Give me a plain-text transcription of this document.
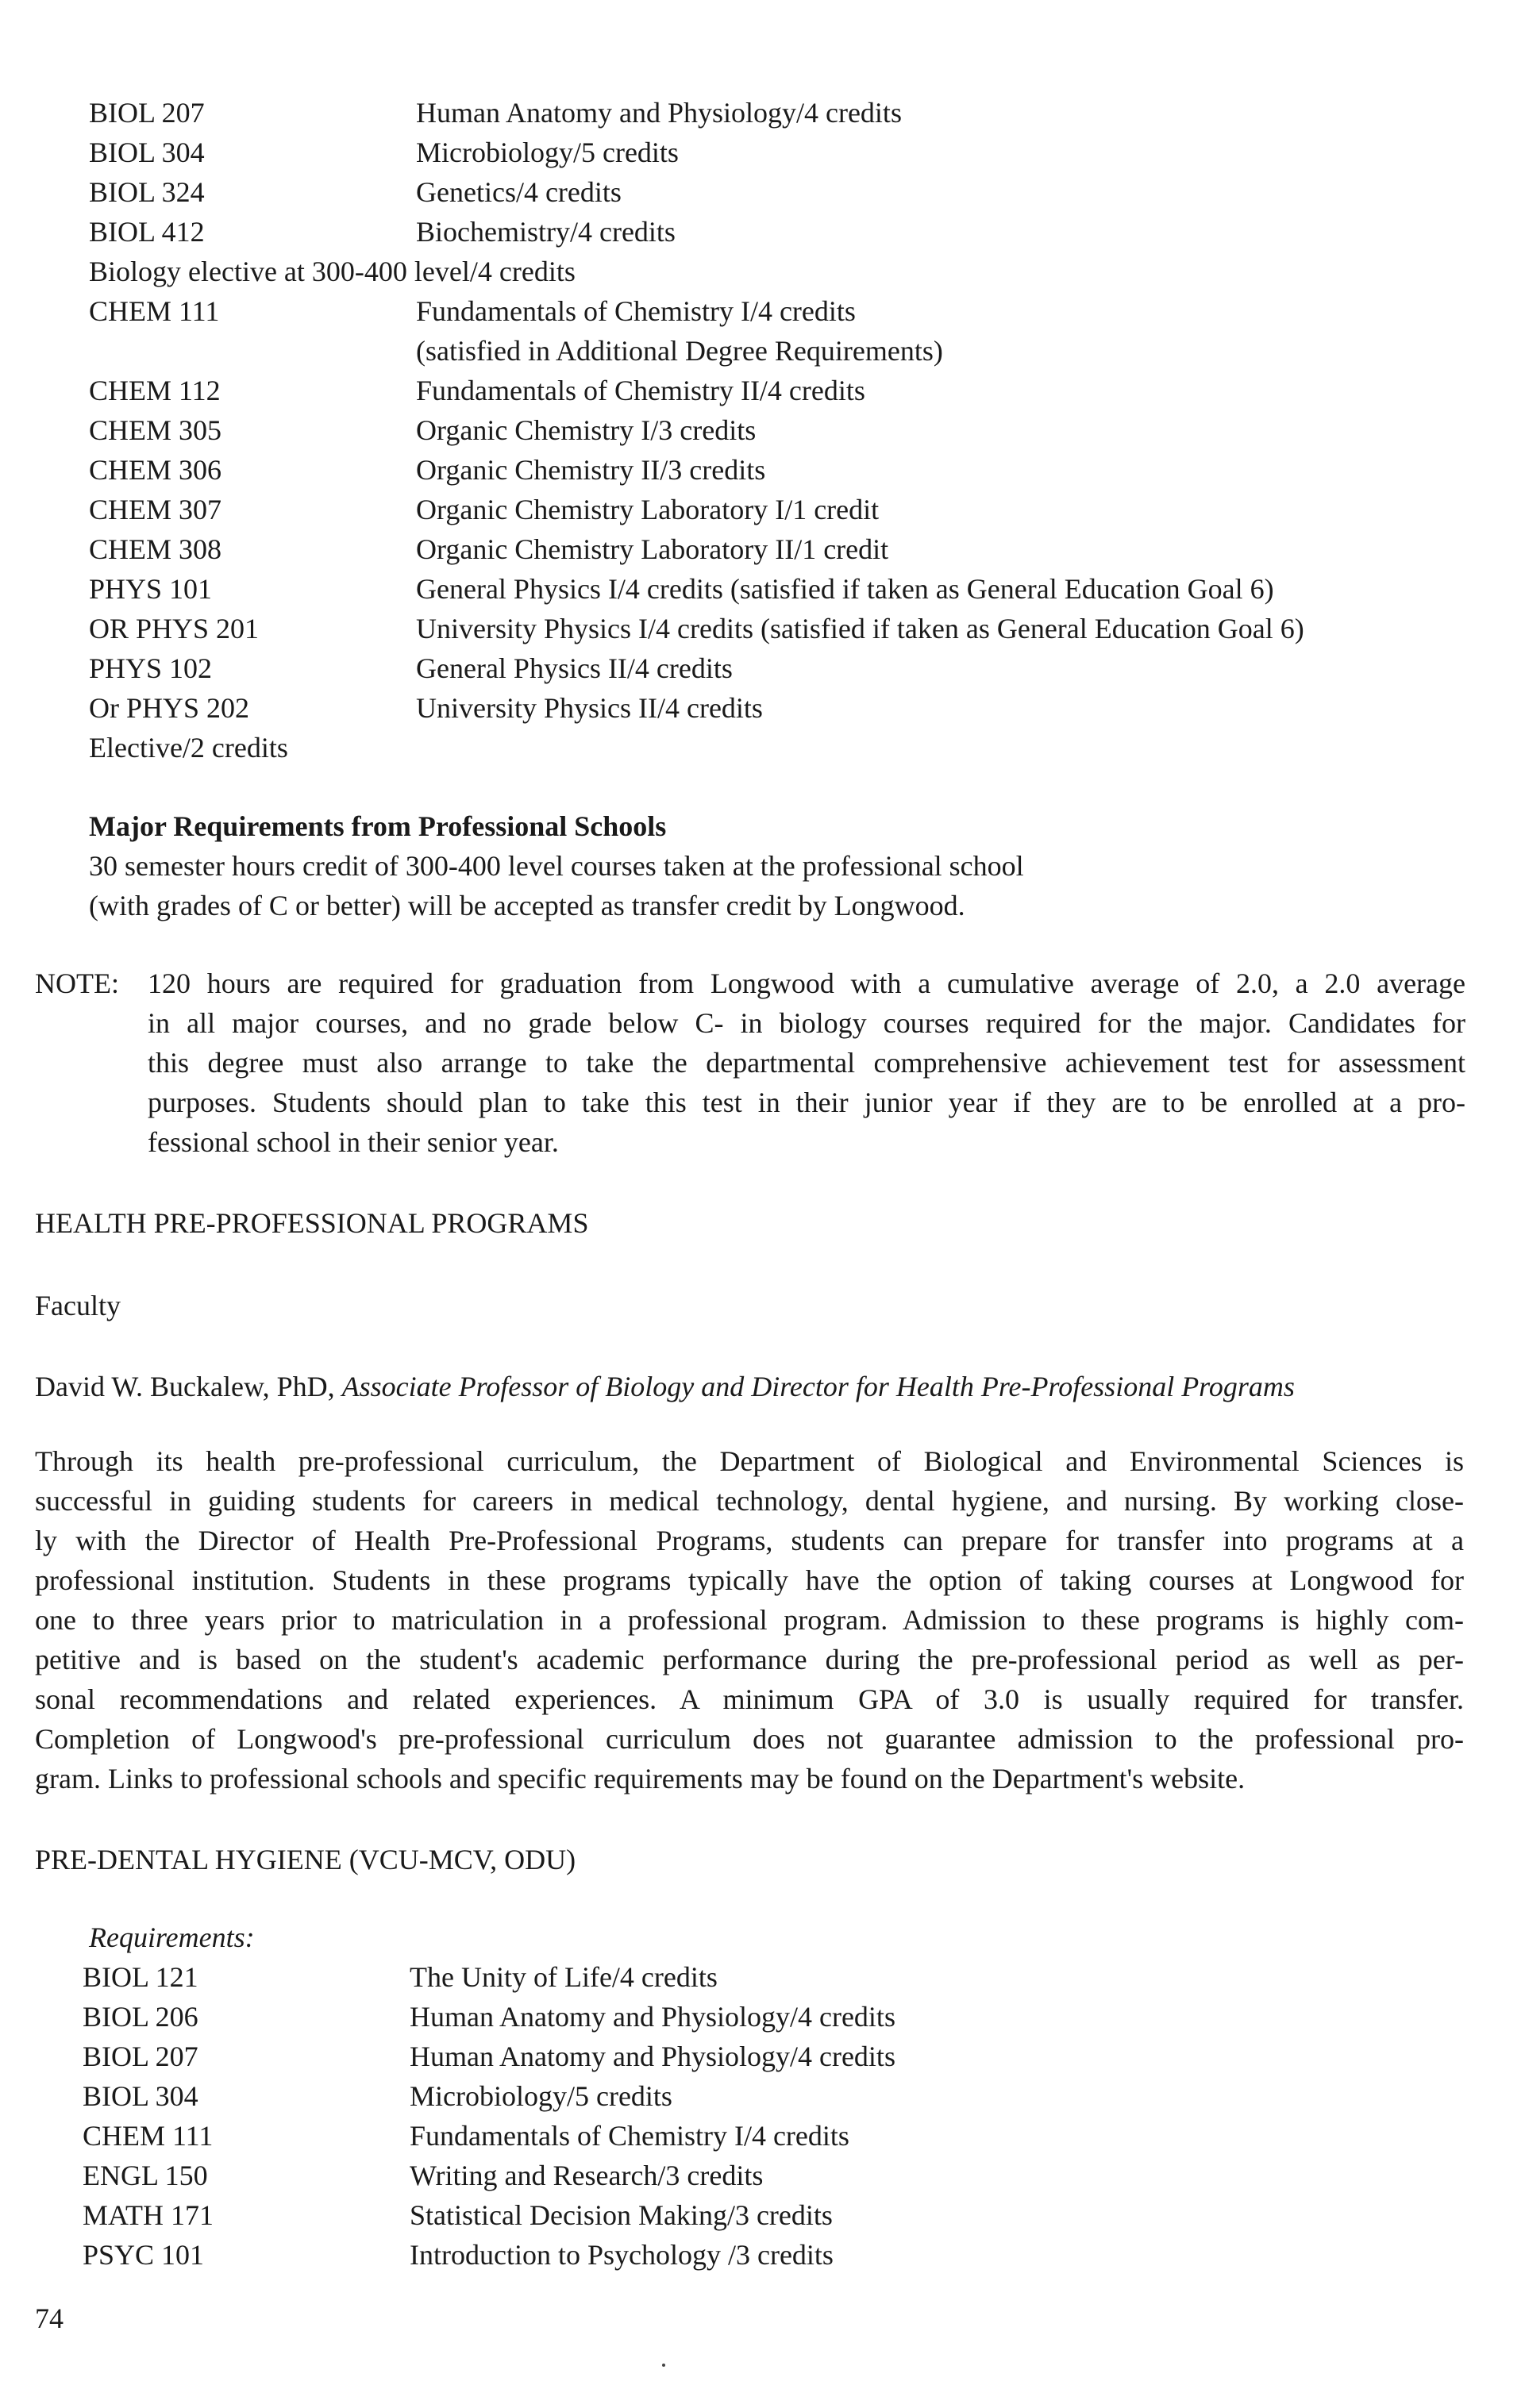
BIOL 207	Human Anatomy and Physiology/4 credits
BIOL 304	Microbiology/5 credits
BIOL 324	Genetics/4 credits
BIOL 412	Biochemistry/4 credits
Biology elective at 300-400 level/4 credits
CHEM 111	Fundamentals of Chemistry I/4 credits
(satisfied in Additional Degree Requirements)
CHEM 112	Fundamentals of Chemistry II/4 credits
CHEM 305	Organic Chemistry I/3 credits
CHEM 306	Organic Chemistry II/3 credits
CHEM 307	Organic Chemistry Laboratory I/1 credit
CHEM 308	Organic Chemistry Laboratory II/1 credit
PHYS 101	General Physics I/4 credits (satisfied if taken as General Education Goal 6)
OR PHYS 201	University Physics I/4 credits (satisfied if taken as General Education Goal 6)
PHYS 102	General Physics II/4 credits
Or PHYS 202	University Physics II/4 credits
Elective/2 credits
Major Requirements from Professional Schools
30 semester hours credit of 300-400 level courses taken at the professional school
(with grades of C or better) will be accepted as transfer credit by Longwood.
NOTE: 120 hours are required for graduation from Longwood with a cumulative average of 2.0, a 2.0 average
in all major courses, and no grade below C- in biology courses required for the major. Candidates for
this degree must also arrange to take the departmental comprehensive achievement test for assessment
purposes. Students should plan to take this test in their junior year if they are to be enrolled at a pro-
fessional school in their senior year.
HEALTH PRE-PROFESSIONAL PROGRAMS
Faculty
David W. Buckalew, PhD, Associate Professor of Biology and Director for Health Pre-Professional Programs
Through its health pre-professional curriculum, the Department of Biological and Environmental Sciences is
successful in guiding students for careers in medical technology, dental hygiene, and nursing. By working close-
ly with the Director of Health Pre-Professional Programs, students can prepare for transfer into programs at a
professional institution. Students in these programs typically have the option of taking courses at Longwood for
one to three years prior to matriculation in a professional program. Admission to these programs is highly com-
petitive and is based on the student's academic performance during the pre-professional period as well as per-
sonal recommendations and related experiences. A minimum GPA of 3.0 is usually required for transfer.
Completion of Longwood's pre-professional curriculum does not guarantee admission to the professional pro-
gram. Links to professional schools and specific requirements may be found on the Department's website.
PRE-DENTAL HYGIENE (VCU-MCV, ODU)
Requirements:
BIOL 121	The Unity of Life/4 credits
BIOL 206	Human Anatomy and Physiology/4 credits
BIOL 207	Human Anatomy and Physiology/4 credits
BIOL 304	Microbiology/5 credits
CHEM 111	Fundamentals of Chemistry I/4 credits
ENGL 150	Writing and Research/3 credits
MATH 171	Statistical Decision Making/3 credits
PSYC 101	Introduction to Psychology /3 credits
74
